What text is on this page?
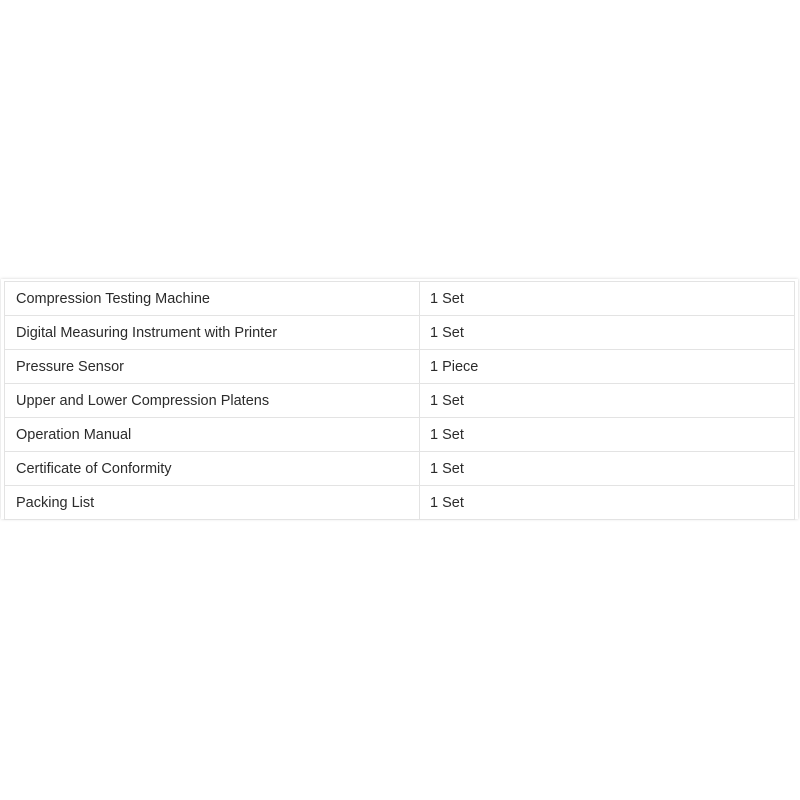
Compression Testing Machine	1 Set
Digital Measuring Instrument with Printer	1 Set
Pressure Sensor	1 Piece
Upper and Lower Compression Platens	1 Set
Operation Manual	1 Set
Certificate of Conformity	1 Set
Packing List	1 Set
